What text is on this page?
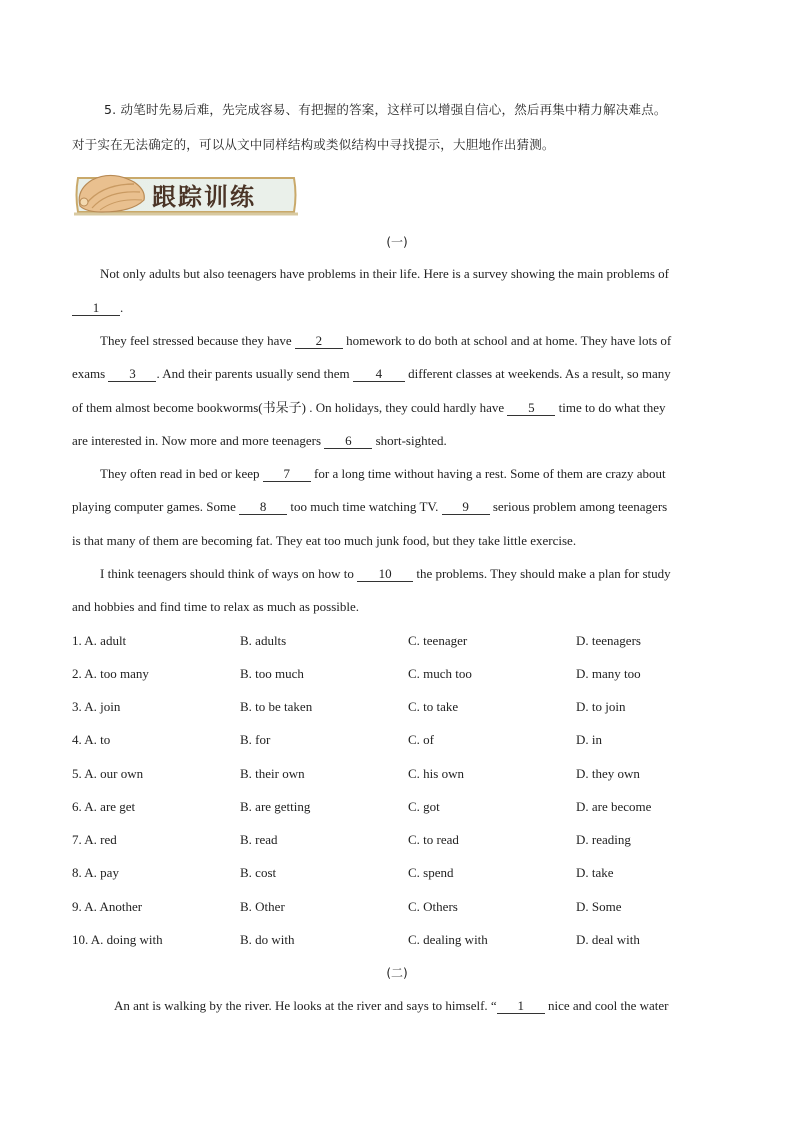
5. 动笔时先易后难，先完成容易、有把握的答案，这样可以增强自信心，然后再集中精力解决难点。
对于实在无法确定的，可以从文中同样结构或类似结构中寻找提示，大胆地作出猜测。
跟踪训练
(一)
Not only adults but also teenagers have problems in their life. Here is a survey showing the main problems of
1 .
They feel stressed because they have 2 homework to do both at school and at home. They have lots of
exams 3 . And their parents usually send them 4 different classes at weekends. As a result, so many
of them almost become bookworms(书呆子) . On holidays, they could hardly have 5 time to do what they
are interested in. Now more and more teenagers 6 short-sighted.
They often read in bed or keep 7 for a long time without having a rest. Some of them are crazy about
playing computer games. Some 8 too much time watching TV. 9 serious problem among teenagers
is that many of them are becoming fat. They eat too much junk food, but they take little exercise.
I think teenagers should think of ways on how to 10 the problems. They should make a plan for study
and hobbies and find time to relax as much as possible.
1. A. adult	B. adults	C. teenager	D. teenagers
2. A. too many	B. too much	C. much too	D. many too
3. A. join	B. to be taken	C. to take	D. to join
4. A. to	B. for	C. of	D. in
5. A. our own	B. their own	C. his own	D. they own
6. A. are get	B. are getting	C. got	D. are become
7. A. red	B. read	C. to read	D. reading
8. A. pay	B. cost	C. spend	D. take
9. A. Another	B. Other	C. Others	D. Some
10. A. doing with	B. do with	C. dealing with	D. deal with
(二)
An ant is walking by the river. He looks at the river and says to himself. “ 1 nice and cool the water
